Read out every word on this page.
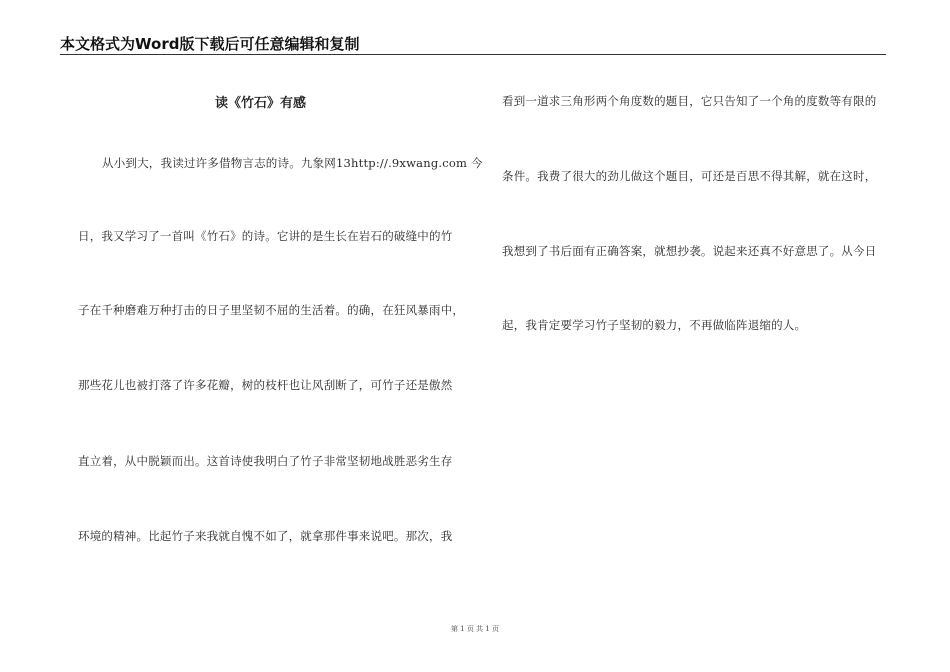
本文格式为Word版下载后可任意编辑和复制
读《竹石》有感
从小到大，我读过许多借物言志的诗。九象网13http://.9xwang.com 今
日，我又学习了一首叫《竹石》的诗。它讲的是生长在岩石的破缝中的竹
子在千种磨难万种打击的日子里坚韧不屈的生活着。的确，在狂风暴雨中，
那些花儿也被打落了许多花瓣，树的枝杆也让风刮断了，可竹子还是傲然
直立着，从中脱颖而出。这首诗使我明白了竹子非常坚韧地战胜恶劣生存
环境的精神。比起竹子来我就自愧不如了，就拿那件事来说吧。那次，我
看到一道求三角形两个角度数的题目，它只告知了一个角的度数等有限的
条件。我费了很大的劲儿做这个题目，可还是百思不得其解，就在这时，
我想到了书后面有正确答案，就想抄袭。说起来还真不好意思了。从今日
起，我肯定要学习竹子坚韧的毅力，不再做临阵退缩的人。
第 1 页 共 1 页
